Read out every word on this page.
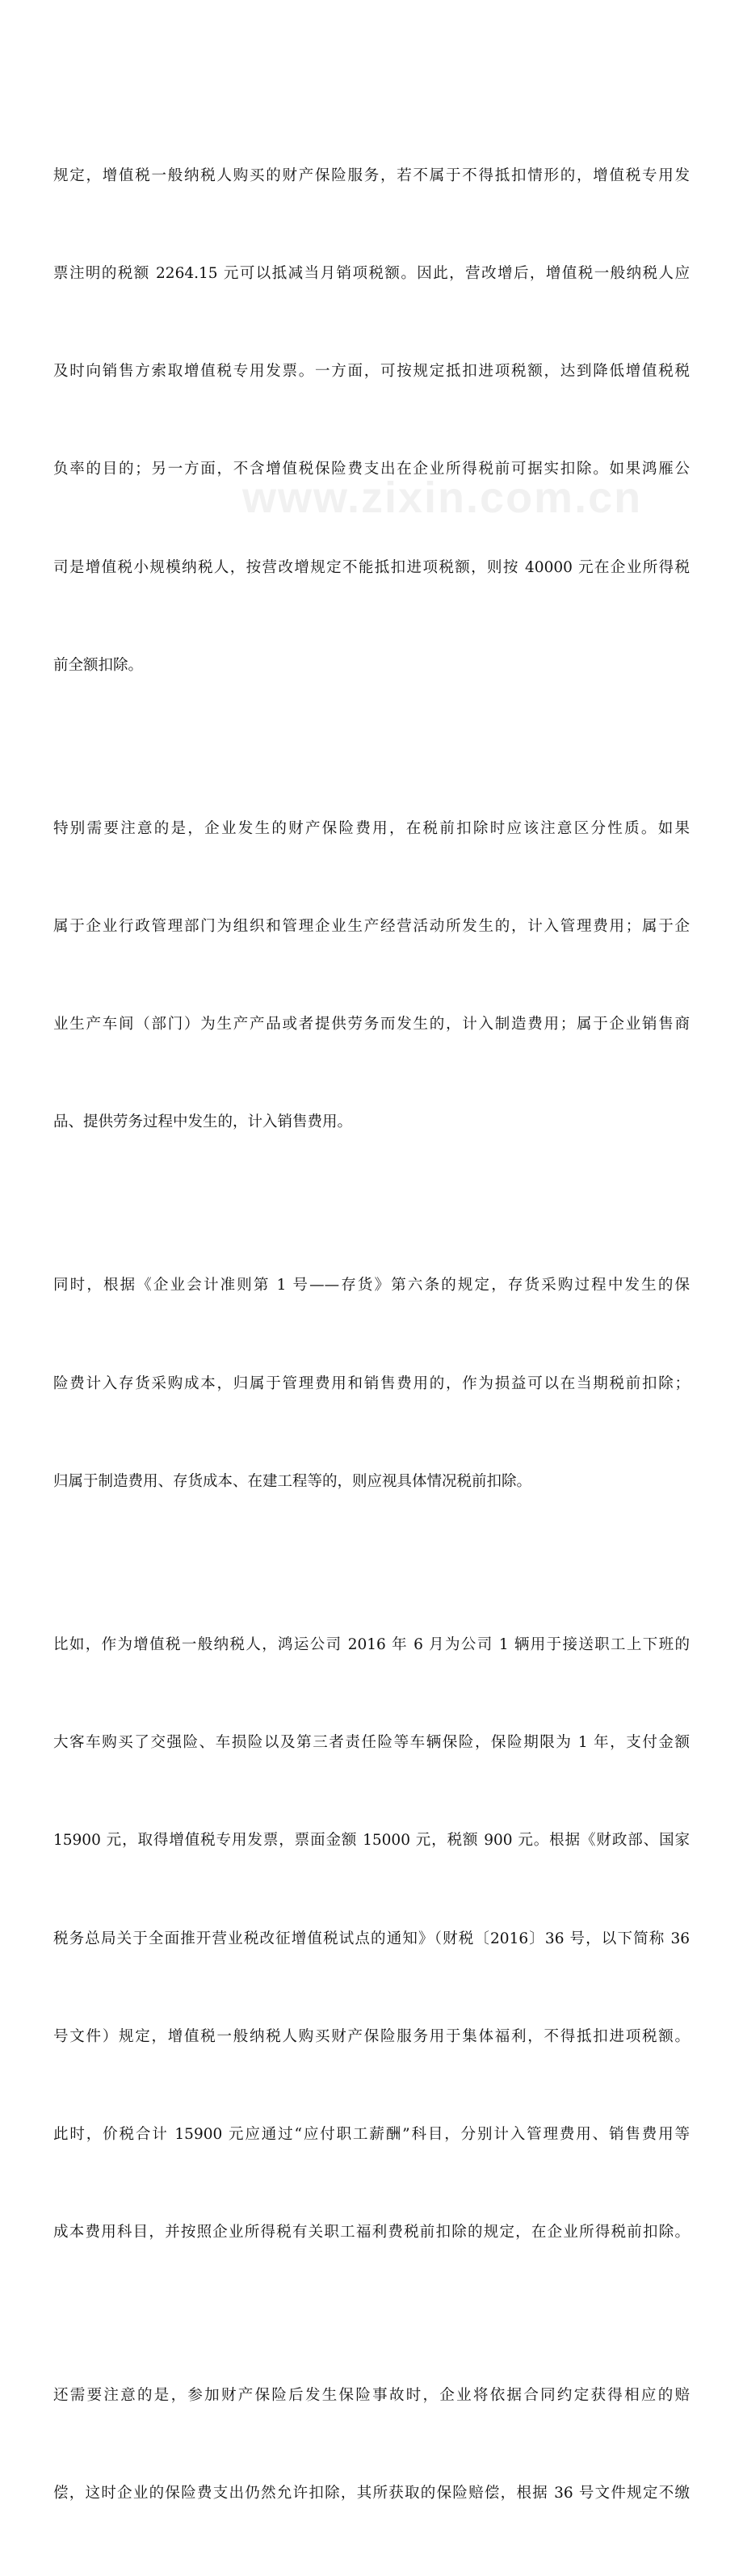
规定，增值税一般纳税人购买的财产保险服务，若不属于不得抵扣情形的，增值税专用发

票注明的税额 2264.15 元可以抵减当月销项税额。因此，营改增后，增值税一般纳税人应

及时向销售方索取增值税专用发票。一方面，可按规定抵扣进项税额，达到降低增值税税

负率的目的；另一方面，不含增值税保险费支出在企业所得税前可据实扣除。如果鸿雁公

司是增值税小规模纳税人，按营改增规定不能抵扣进项税额，则按 40000 元在企业所得税

前全额扣除。

特别需要注意的是，企业发生的财产保险费用，在税前扣除时应该注意区分性质。如果

属于企业行政管理部门为组织和管理企业生产经营活动所发生的，计入管理费用；属于企

业生产车间（部门）为生产产品或者提供劳务而发生的，计入制造费用；属于企业销售商

品、提供劳务过程中发生的，计入销售费用。

同时，根据《企业会计准则第 1 号——存货》第六条的规定，存货采购过程中发生的保

险费计入存货采购成本，归属于管理费用和销售费用的，作为损益可以在当期税前扣除；

归属于制造费用、存货成本、在建工程等的，则应视具体情况税前扣除。

比如，作为增值税一般纳税人，鸿运公司 2016 年 6 月为公司 1 辆用于接送职工上下班的

大客车购买了交强险、车损险以及第三者责任险等车辆保险，保险期限为 1 年，支付金额

15900 元，取得增值税专用发票，票面金额 15000 元，税额 900 元。根据《财政部、国家

税务总局关于全面推开营业税改征增值税试点的通知》（财税〔2016〕36 号，以下简称 36

号文件）规定，增值税一般纳税人购买财产保险服务用于集体福利，不得抵扣进项税额。

此时，价税合计 15900 元应通过“应付职工薪酬”科目，分别计入管理费用、销售费用等

成本费用科目，并按照企业所得税有关职工福利费税前扣除的规定，在企业所得税前扣除。

还需要注意的是，参加财产保险后发生保险事故时，企业将依据合同约定获得相应的赔

偿，这时企业的保险费支出仍然允许扣除，其所获取的保险赔偿，根据 36 号文件规定不缴

www.zixin.com.cn
